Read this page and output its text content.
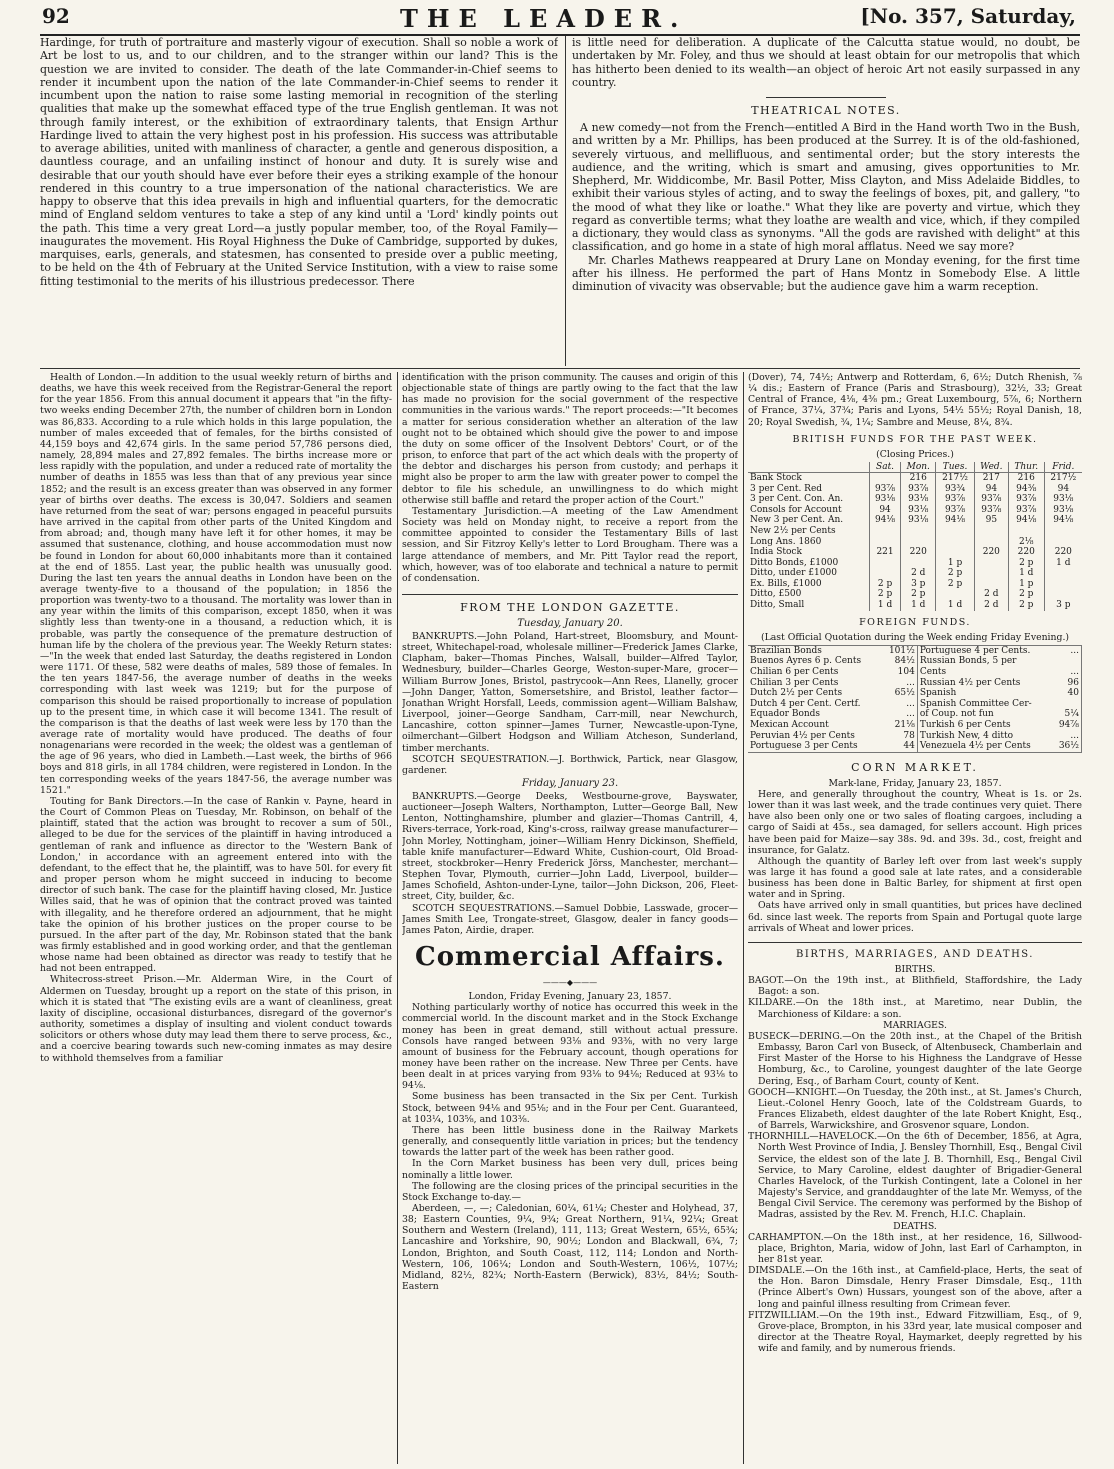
92	THE LEADER.	[No. 357, Saturday,

Hardinge, for truth of portraiture and masterly vigour of execution. Shall so noble a work of Art be lost to us, and to our children, and to the stranger within our land? This is the question we are invited to consider. The death of the late Commander-in-Chief seems to render it incumbent upon the nation of the late Commander-in-Chief seems to render it incumbent upon the nation to raise some lasting memorial in recognition of the sterling qualities that make up the somewhat effaced type of the true English gentleman. It was not through family interest, or the exhibition of extraordinary talents, that Ensign Arthur Hardinge lived to attain the very highest post in his profession. His success was attributable to average abilities, united with manliness of character, a gentle and generous disposition, a dauntless courage, and an unfailing instinct of honour and duty. It is surely wise and desirable that our youth should have ever before their eyes a striking example of the honour rendered in this country to a true impersonation of the national characteristics. We are happy to observe that this idea prevails in high and influential quarters, for the democratic mind of England seldom ventures to take a step of any kind until a 'Lord' kindly points out the path. This time a very great Lord—a justly popular member, too, of the Royal Family—inaugurates the movement. His Royal Highness the Duke of Cambridge, supported by dukes, marquises, earls, generals, and statesmen, has consented to preside over a public meeting, to be held on the 4th of February at the United Service Institution, with a view to raise some fitting testimonial to the merits of his illustrious predecessor. There

is little need for deliberation. A duplicate of the Calcutta statue would, no doubt, be undertaken by Mr. Foley, and thus we should at least obtain for our metropolis that which has hitherto been denied to its wealth—an object of heroic Art not easily surpassed in any country.

THEATRICAL NOTES.

A new comedy—not from the French—entitled A Bird in the Hand worth Two in the Bush, and written by a Mr. Phillips, has been produced at the Surrey. It is of the old-fashioned, severely virtuous, and mellifluous, and sentimental order; but the story interests the audience, and the writing, which is smart and amusing, gives opportunities to Mr. Shepherd, Mr. Widdicombe, Mr. Basil Potter, Miss Clayton, and Miss Adelaide Biddles, to exhibit their various styles of acting, and to sway the feelings of boxes, pit, and gallery, "to the mood of what they like or loathe." What they like are poverty and virtue, which they regard as convertible terms; what they loathe are wealth and vice, which, if they compiled a dictionary, they would class as synonyms. "All the gods are ravished with delight" at this classification, and go home in a state of high moral afflatus. Need we say more?

Mr. Charles Mathews reappeared at Drury Lane on Monday evening, for the first time after his illness. He performed the part of Hans Montz in Somebody Else. A little diminution of vivacity was observable; but the audience gave him a warm reception.

Health of London.—In addition to the usual weekly return of births and deaths, we have this week received from the Registrar-General the report for the year 1856. From this annual document it appears that "in the fifty-two weeks ending December 27th, the number of children born in London was 86,833. According to a rule which holds in this large population, the number of males exceeded that of females, for the births consisted of 44,159 boys and 42,674 girls. In the same period 57,786 persons died, namely, 28,894 males and 27,892 females. The births increase more or less rapidly with the population, and under a reduced rate of mortality the number of deaths in 1855 was less than that of any previous year since 1852; and the result is an excess greater than was observed in any former year of births over deaths. The excess is 30,047. Soldiers and seamen have returned from the seat of war; persons engaged in peaceful pursuits have arrived in the capital from other parts of the United Kingdom and from abroad; and, though many have left it for other homes, it may be assumed that sustenance, clothing, and house accommodation must now be found in London for about 60,000 inhabitants more than it contained at the end of 1855. Last year, the public health was unusually good. During the last ten years the annual deaths in London have been on the average twenty-five to a thousand of the population; in 1856 the proportion was twenty-two to a thousand. The mortality was lower than in any year within the limits of this comparison, except 1850, when it was slightly less than twenty-one in a thousand, a reduction which, it is probable, was partly the consequence of the premature destruction of human life by the cholera of the previous year. The Weekly Return states:—"In the week that ended last Saturday, the deaths registered in London were 1171. Of these, 582 were deaths of males, 589 those of females. In the ten years 1847-56, the average number of deaths in the weeks corresponding with last week was 1219; but for the purpose of comparison this should be raised proportionally to increase of population up to the present time, in which case it will become 1341. The result of the comparison is that the deaths of last week were less by 170 than the average rate of mortality would have produced. The deaths of four nonagenarians were recorded in the week; the oldest was a gentleman of the age of 96 years, who died in Lambeth.—Last week, the births of 966 boys and 818 girls, in all 1784 children, were registered in London. In the ten corresponding weeks of the years 1847-56, the average number was 1521."

Touting for Bank Directors.—In the case of Rankin v. Payne, heard in the Court of Common Pleas on Tuesday, Mr. Robinson, on behalf of the plaintiff, stated that the action was brought to recover a sum of 50l., alleged to be due for the services of the plaintiff in having introduced a gentleman of rank and influence as director to the 'Western Bank of London,' in accordance with an agreement entered into with the defendant, to the effect that he, the plaintiff, was to have 50l. for every fit and proper person whom he might succeed in inducing to become director of such bank. The case for the plaintiff having closed, Mr. Justice Willes said, that he was of opinion that the contract proved was tainted with illegality, and he therefore ordered an adjournment, that he might take the opinion of his brother justices on the proper course to be pursued. In the after part of the day, Mr. Robinson stated that the bank was firmly established and in good working order, and that the gentleman whose name had been obtained as director was ready to testify that he had not been entrapped.

Whitecross-street Prison.—Mr. Alderman Wire, in the Court of Aldermen on Tuesday, brought up a report on the state of this prison, in which it is stated that "The existing evils are a want of cleanliness, great laxity of discipline, occasional disturbances, disregard of the governor's authority, sometimes a display of insulting and violent conduct towards solicitors or others whose duty may lead them there to serve process, &c., and a coercive bearing towards such new-coming inmates as may desire to withhold themselves from a familiar

identification with the prison community. The causes and origin of this objectionable state of things are partly owing to the fact that the law has made no provision for the social government of the respective communities in the various wards." The report proceeds:—"It becomes a matter for serious consideration whether an alteration of the law ought not to be obtained which should give the power to and impose the duty on some officer of the Insolvent Debtors' Court, or of the prison, to enforce that part of the act which deals with the property of the debtor and discharges his person from custody; and perhaps it might also be proper to arm the law with greater power to compel the debtor to file his schedule, an unwillingness to do which might otherwise still baffle and retard the proper action of the Court."

Testamentary Jurisdiction.—A meeting of the Law Amendment Society was held on Monday night, to receive a report from the committee appointed to consider the Testamentary Bills of last session, and Sir Fitzroy Kelly's letter to Lord Brougham. There was a large attendance of members, and Mr. Pitt Taylor read the report, which, however, was of too elaborate and technical a nature to permit of condensation.

FROM THE LONDON GAZETTE.
Tuesday, January 20.

BANKRUPTS.—John Poland, Hart-street, Bloomsbury, and Mount-street, Whitechapel-road, wholesale milliner—Frederick James Clarke, Clapham, baker—Thomas Pinches, Walsall, builder—Alfred Taylor, Wednesbury, builder—Charles George, Weston-super-Mare, grocer—William Burrow Jones, Bristol, pastrycook—Ann Rees, Llanelly, grocer—John Danger, Yatton, Somersetshire, and Bristol, leather factor—Jonathan Wright Horsfall, Leeds, commission agent—William Balshaw, Liverpool, joiner—George Sandham, Carr-mill, near Newchurch, Lancashire, cotton spinner—James Turner, Newcastle-upon-Tyne, oilmerchant—Gilbert Hodgson and William Atcheson, Sunderland, timber merchants.

SCOTCH SEQUESTRATION.—J. Borthwick, Partick, near Glasgow, gardener.

Friday, January 23.

BANKRUPTS.—George Deeks, Westbourne-grove, Bayswater, auctioneer—Joseph Walters, Northampton, Lutter—George Ball, New Lenton, Nottinghamshire, plumber and glazier—Thomas Cantrill, 4, Rivers-terrace, York-road, King's-cross, railway grease manufacturer—John Morley, Nottingham, joiner—William Henry Dickinson, Sheffield, table knife manufacturer—Edward White, Cushion-court, Old Broad-street, stockbroker—Henry Frederick Jörss, Manchester, merchant—Stephen Tovar, Plymouth, currier—John Ladd, Liverpool, builder—James Schofield, Ashton-under-Lyne, tailor—John Dickson, 206, Fleet-street, City, builder, &c.

SCOTCH SEQUESTRATIONS.—Samuel Dobbie, Lasswade, grocer—James Smith Lee, Trongate-street, Glasgow, dealer in fancy goods—James Paton, Airdie, draper.

Commercial Affairs.
———◆———
London, Friday Evening, January 23, 1857.

Nothing particularly worthy of notice has occurred this week in the commercial world. In the discount market and in the Stock Exchange money has been in great demand, still without actual pressure. Consols have ranged between 93⅛ and 93⅜, with no very large amount of business for the February account, though operations for money have been rather on the increase. New Three per Cents. have been dealt in at prices varying from 93⅛ to 94⅛; Reduced at 93⅛ to 94⅛.

Some business has been transacted in the Six per Cent. Turkish Stock, between 94⅛ and 95⅛; and in the Four per Cent. Guaranteed, at 103¼, 103⅝, and 103⅜.

There has been little business done in the Railway Markets generally, and consequently little variation in prices; but the tendency towards the latter part of the week has been rather good.

In the Corn Market business has been very dull, prices being nominally a little lower.

The following are the closing prices of the principal securities in the Stock Exchange to-day.—

Aberdeen, —, —; Caledonian, 60¼, 61¼; Chester and Holyhead, 37, 38; Eastern Counties, 9¼, 9¾; Great Northern, 91¼, 92¼; Great Southern and Western (Ireland), 111, 113; Great Western, 65½, 65¾; Lancashire and Yorkshire, 90, 90½; London and Blackwall, 6¾, 7; London, Brighton, and South Coast, 112, 114; London and North-Western, 106, 106¼; London and South-Western, 106½, 107½; Midland, 82½, 82¾; North-Eastern (Berwick), 83½, 84½; South-Eastern

(Dover), 74, 74½; Antwerp and Rotterdam, 6, 6½; Dutch Rhenish, ⅞ ¼ dis.; Eastern of France (Paris and Strasbourg), 32½, 33; Great Central of France, 4⅛, 4⅜ pm.; Great Luxembourg, 5⅞, 6; Northern of France, 37¼, 37¾; Paris and Lyons, 54½ 55½; Royal Danish, 18, 20; Royal Swedish, ¾, 1¼; Sambre and Meuse, 8¼, 8¾.

BRITISH FUNDS FOR THE PAST WEEK.
(Closing Prices.)
	Sat.	Mon.	Tues.	Wed.	Thur.	Frid.
Bank Stock		216	217½	217	216	217½
3 per Cent. Red	93⅞	93⅞	93¾	94	94⅜	94
3 per Cent. Con. An.	93⅛	93⅛	93⅞	93⅞	93⅞	93⅛
Consols for Account	94	93⅛	93⅞	93⅞	93⅞	93⅛
New 3 per Cent. An.	94⅛	93⅛	94⅛	95	94⅛	94⅛
New 2½ per Cents						
Long Ans. 1860					2⅛	
India Stock	221	220		220	220	220
Ditto Bonds, £1000			1 p		2 p	1 d
Ditto, under £1000		2 d	2 p		1 d	
Ex. Bills, £1000	2 p	3 p	2 p		1 p	
Ditto, £500	2 p	2 p		2 d	2 p	
Ditto, Small	1 d	1 d	1 d	2 d	2 p	3 p
FOREIGN FUNDS.
(Last Official Quotation during the Week ending Friday Evening.)
Brazilian Bonds	101½	Portuguese 4 per Cents.	...
Buenos Ayres 6 p. Cents	84½	Russian Bonds, 5 per	
Chilian 6 per Cents	104	Cents	...
Chilian 3 per Cents	...	Russian 4½ per Cents	96
Dutch 2½ per Cents	65½	Spanish	40
Dutch 4 per Cent. Certf.	...	Spanish Committee Cer-	
Equador Bonds	...	of Coup. not fun	5¼
Mexican Account	21⅛	Turkish 6 per Cents	94⅞
Peruvian 4½ per Cents	78	Turkish New, 4 ditto	...
Portuguese 3 per Cents	44	Venezuela 4½ per Cents	36½
CORN MARKET.
Mark-lane, Friday, January 23, 1857.

Here, and generally throughout the country, Wheat is 1s. or 2s. lower than it was last week, and the trade continues very quiet. There have also been only one or two sales of floating cargoes, including a cargo of Saidi at 45s., sea damaged, for sellers account. High prices have been paid for Maize—say 38s. 9d. and 39s. 3d., cost, freight and insurance, for Galatz.

Although the quantity of Barley left over from last week's supply was large it has found a good sale at late rates, and a considerable business has been done in Baltic Barley, for shipment at first open water and in Spring.

Oats have arrived only in small quantities, but prices have declined 6d. since last week. The reports from Spain and Portugal quote large arrivals of Wheat and lower prices.

BIRTHS, MARRIAGES, AND DEATHS.
BIRTHS.

BAGOT.—On the 19th inst., at Blithfield, Staffordshire, the Lady Bagot: a son.

KILDARE.—On the 18th inst., at Maretimo, near Dublin, the Marchioness of Kildare: a son.

MARRIAGES.

BUSECK—DERING.—On the 20th inst., at the Chapel of the British Embassy, Baron Carl von Buseck, of Altenbuseck, Chamberlain and First Master of the Horse to his Highness the Landgrave of Hesse Homburg, &c., to Caroline, youngest daughter of the late George Dering, Esq., of Barham Court, county of Kent.

GOOCH—KNIGHT.—On Tuesday, the 20th inst., at St. James's Church, Lieut.-Colonel Henry Gooch, late of the Coldstream Guards, to Frances Elizabeth, eldest daughter of the late Robert Knight, Esq., of Barrels, Warwickshire, and Grosvenor square, London.

THORNHILL—HAVELOCK.—On the 6th of December, 1856, at Agra, North West Province of India, J. Bensley Thornhill, Esq., Bengal Civil Service, the eldest son of the late J. B. Thornhill, Esq., Bengal Civil Service, to Mary Caroline, eldest daughter of Brigadier-General Charles Havelock, of the Turkish Contingent, late a Colonel in her Majesty's Service, and granddaughter of the late Mr. Wemyss, of the Bengal Civil Service. The ceremony was performed by the Bishop of Madras, assisted by the Rev. M. French, H.I.C. Chaplain.

DEATHS.

CARHAMPTON.—On the 18th inst., at her residence, 16, Sillwood-place, Brighton, Maria, widow of John, last Earl of Carhampton, in her 81st year.

DIMSDALE.—On the 16th inst., at Camfield-place, Herts, the seat of the Hon. Baron Dimsdale, Henry Fraser Dimsdale, Esq., 11th (Prince Albert's Own) Hussars, youngest son of the above, after a long and painful illness resulting from Crimean fever.

FITZWILLIAM.—On the 19th inst., Edward Fitzwilliam, Esq., of 9, Grove-place, Brompton, in his 33rd year, late musical composer and director at the Theatre Royal, Haymarket, deeply regretted by his wife and family, and by numerous friends.
